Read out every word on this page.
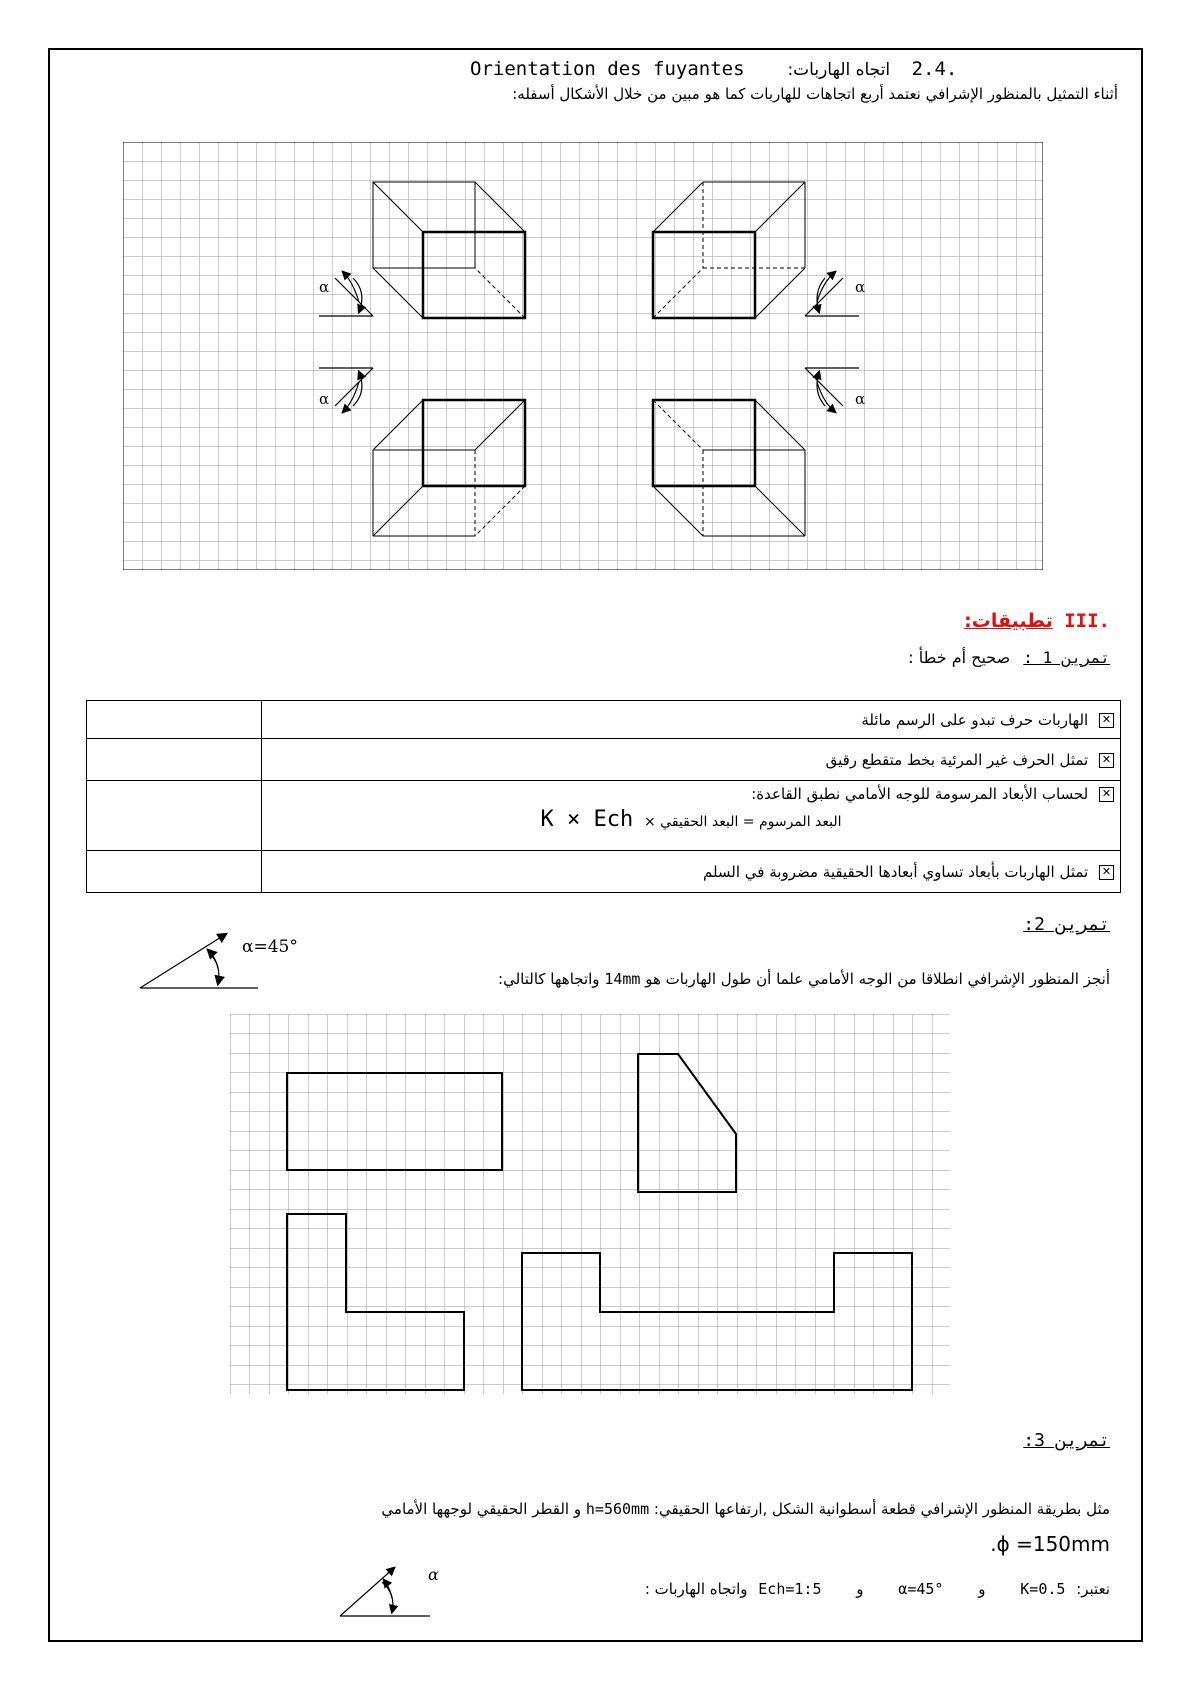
Orientation des fuyantes	اتجاه الهاربات: 2.4.
أثناء التمثيل بالمنظور الإشرافي نعتمد أربع اتجاهات للهاربات كما هو مبين من خلال الأشكال أسفله:
α	α
α	α
III. تطبيقات:
تمرين 1 : صحيح أم خطأ :
	✕ الهاربات حرف تبدو على الرسم مائلة
	✕ تمثل الحرف غير المرئية بخط متقطع رقيق

	✕ لحساب الأبعاد المرسومة للوجه الأمامي نطبق القاعدة:
البعد المرسوم = البعد الحقيقي × K × Ech

	✕ تمثل الهاربات بأبعاد تساوي أبعادها الحقيقية مضروبة في السلم
تمرين 2:
α=45°
أنجز المنظور الإشرافي انطلاقا من الوجه الأمامي علما أن طول الهاربات هو 14mm واتجاهها كالتالي:
تمرين 3:
مثل بطريقة المنظور الإشرافي قطعة أسطوانية الشكل ,ارتفاعها الحقيقي: h=560mm و القطر الحقيقي لوجهها الأمامي
.ϕ =150mm
نعتبر: K=0.5 و α=45° و Ech=1:5 واتجاه الهاربات :
α
